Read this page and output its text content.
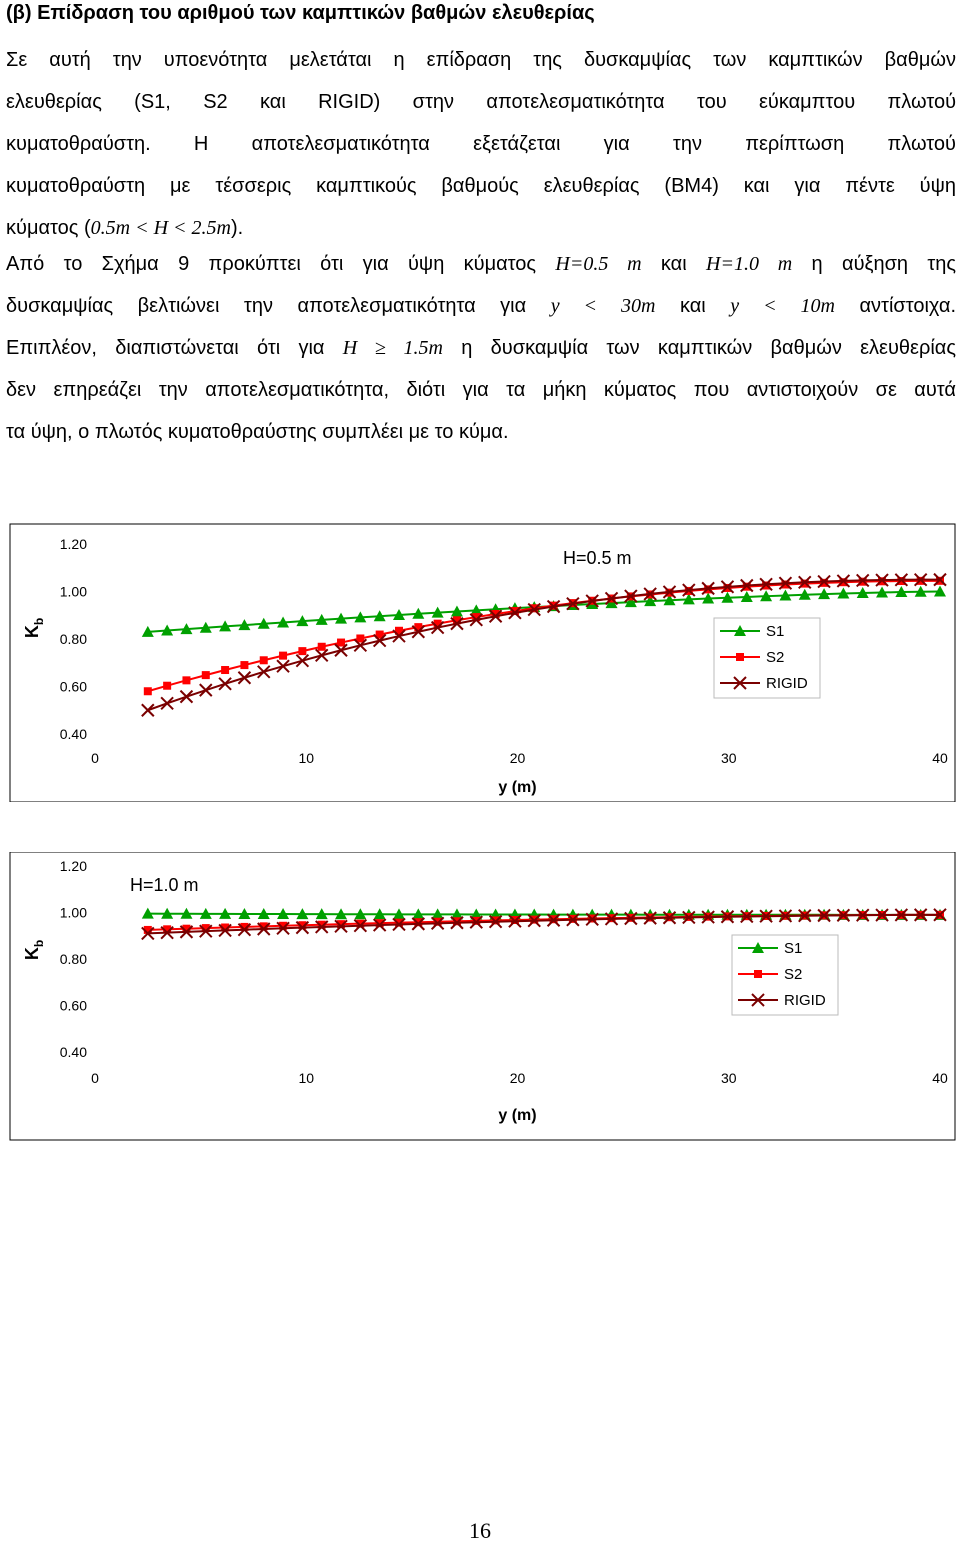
(β) Επίδραση του αριθμού των καμπτικών βαθμών ελευθερίας

Σε αυτή την υποενότητα μελετάται η επίδραση της δυσκαμψίας των καμπτικών βαθμών

ελευθερίας (S1, S2 και RIGID) στην αποτελεσματικότητα του εύκαμπτου πλωτού

κυματοθραύστη. Η αποτελεσματικότητα εξετάζεται για την περίπτωση πλωτού

κυματοθραύστη με τέσσερις καμπτικούς βαθμούς ελευθερίας (BM4) και για πέντε ύψη

κύματος (0.5m < H < 2.5m).

Από το Σχήμα 9 προκύπτει ότι για ύψη κύματος H=0.5 m και H=1.0 m η αύξηση της

δυσκαμψίας βελτιώνει την αποτελεσματικότητα για y < 30m και y < 10m αντίστοιχα.

Επιπλέον, διαπιστώνεται ότι για H ≥ 1.5m η δυσκαμψία των καμπτικών βαθμών ελευθερίας

δεν επηρεάζει την αποτελεσματικότητα, διότι για τα μήκη κύματος που αντιστοιχούν σε αυτά

τα ύψη, ο πλωτός κυματοθραύστης συμπλέει με το κύμα.

1.20
1.00
0.80
0.60
0.40
0	10	20	30	40
y (m)
$K_b$
H=0.5 m
S1
S2
RIGID
1.20
1.00
0.80
0.60
0.40
0	10	20	30	40
y (m)
$K_b$
H=1.0 m
S1
S2
RIGID
16
